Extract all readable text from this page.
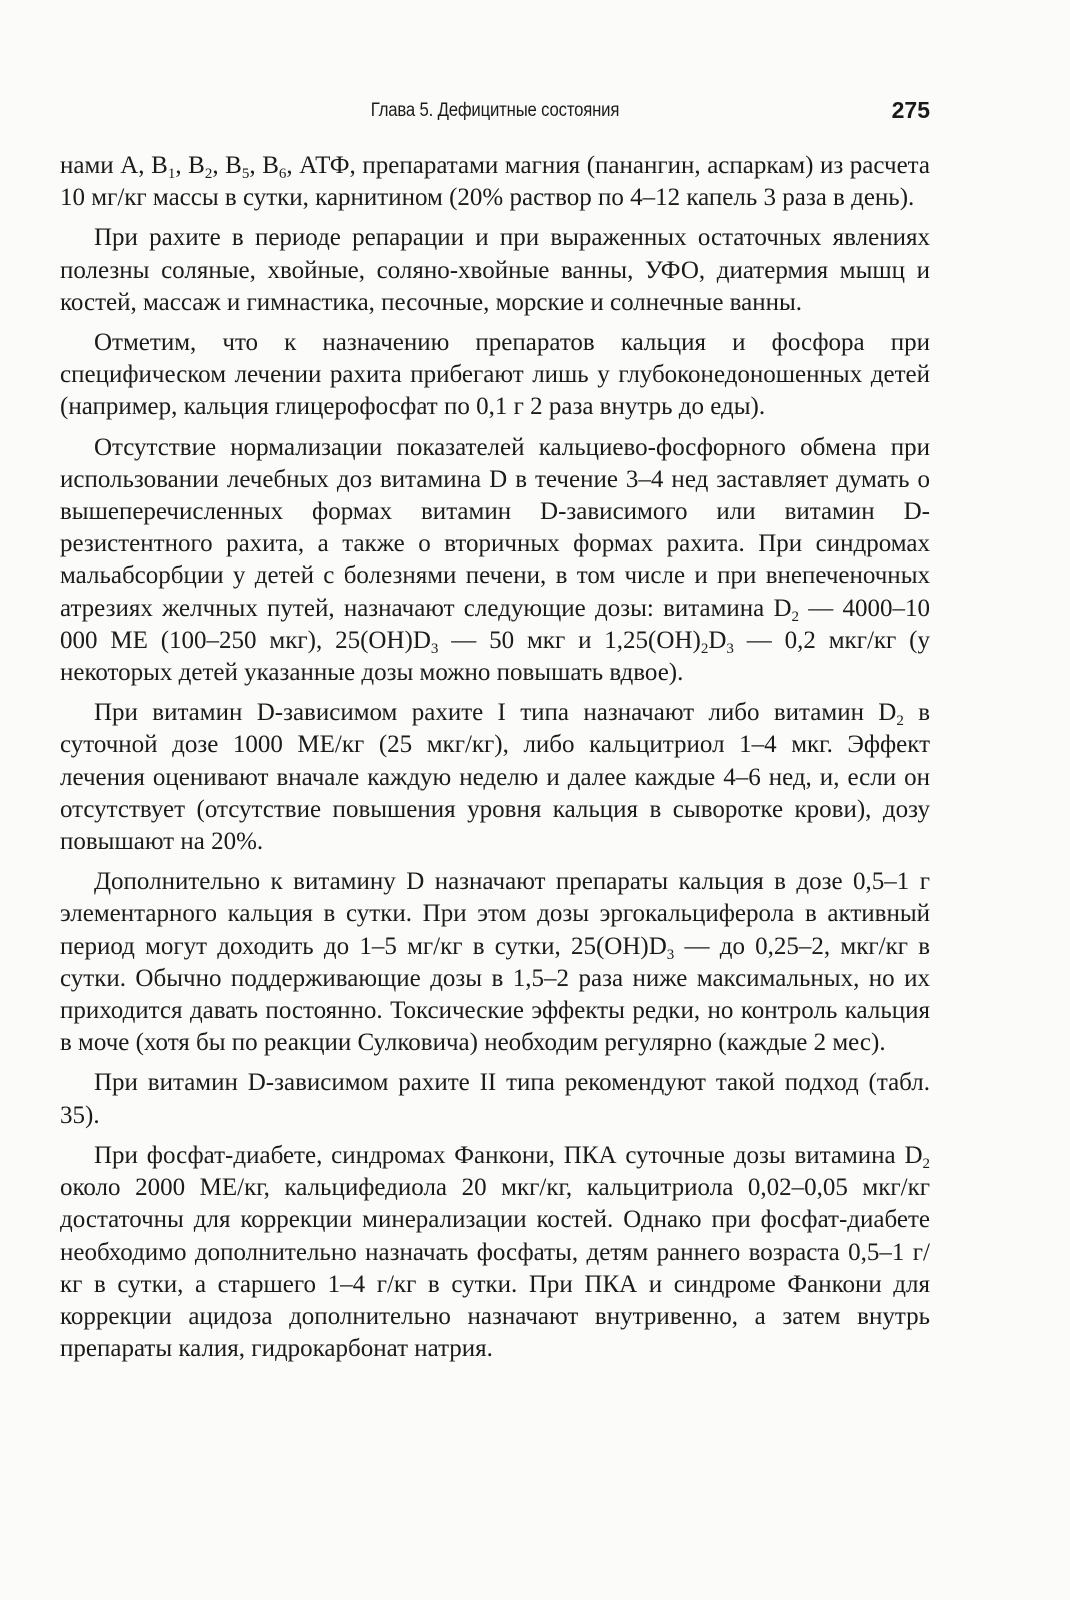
Глава 5. Дефицитные состояния	275

нами A, $B_1$, $B_2$, $B_5$, $B_6$, АТФ, препаратами магния (панангин, аспаркам) из расчета 10 мг/кг массы в сутки, карнитином (20% раствор по 4–12 капель 3 раза в день).

При рахите в периоде репарации и при выраженных остаточных явлениях полезны соляные, хвойные, соляно-хвойные ванны, УФО, диатермия мышц и костей, массаж и гимнастика, песочные, морские и солнечные ванны.

Отметим, что к назначению препаратов кальция и фосфора при специфическом лечении рахита прибегают лишь у глубоконедоношенных детей (например, кальция глицерофосфат по 0,1 г 2 раза внутрь до еды).

Отсутствие нормализации показателей кальциево-фосфорного обмена при использовании лечебных доз витамина D в течение 3–4 нед заставляет думать о вышеперечисленных формах витамин D-зависимого или витамин D-резистентного рахита, а также о вторичных формах рахита. При синдромах мальабсорбции у детей с болезнями печени, в том числе и при внепеченочных атрезиях желчных путей, назначают следующие дозы: витамина $D_2$ — 4000–10 000 МЕ (100–250 мкг), $25(OH)D_3$ — 50 мкг и $1,25(OH)_2D_3$ — 0,2 мкг/кг (у некоторых детей указанные дозы можно повышать вдвое).

При витамин D-зависимом рахите I типа назначают либо витамин $D_2$ в суточной дозе 1000 МЕ/кг (25 мкг/кг), либо кальцитриол 1–4 мкг. Эффект лечения оценивают вначале каждую неделю и далее каждые 4–6 нед, и, если он отсутствует (отсутствие повышения уровня кальция в сыворотке крови), дозу повышают на 20%.

Дополнительно к витамину D назначают препараты кальция в дозе 0,5–1 г элементарного кальция в сутки. При этом дозы эргокальциферола в активный период могут доходить до 1–5 мг/кг в сутки, $25(OH)D_3$ — до 0,25–2, мкг/кг в сутки. Обычно поддерживающие дозы в 1,5–2 раза ниже максимальных, но их приходится давать постоянно. Токсические эффекты редки, но контроль кальция в моче (хотя бы по реакции Сулковича) необходим регулярно (каждые 2 мес).

При витамин D-зависимом рахите II типа рекомендуют такой подход (табл. 35).

При фосфат-диабете, синдромах Фанкони, ПКА суточные дозы витамина $D_2$ около 2000 МЕ/кг, кальцифедиола 20 мкг/кг, кальцитриола 0,02–0,05 мкг/кг достаточны для коррекции минерализации костей. Однако при фосфат-диабете необходимо дополнительно назначать фосфаты, детям раннего возраста 0,5–1 г/кг в сутки, а старшего 1–4 г/кг в сутки. При ПКА и синдроме Фанкони для коррекции ацидоза дополнительно назначают внутривенно, а затем внутрь препараты калия, гидрокарбонат натрия.
